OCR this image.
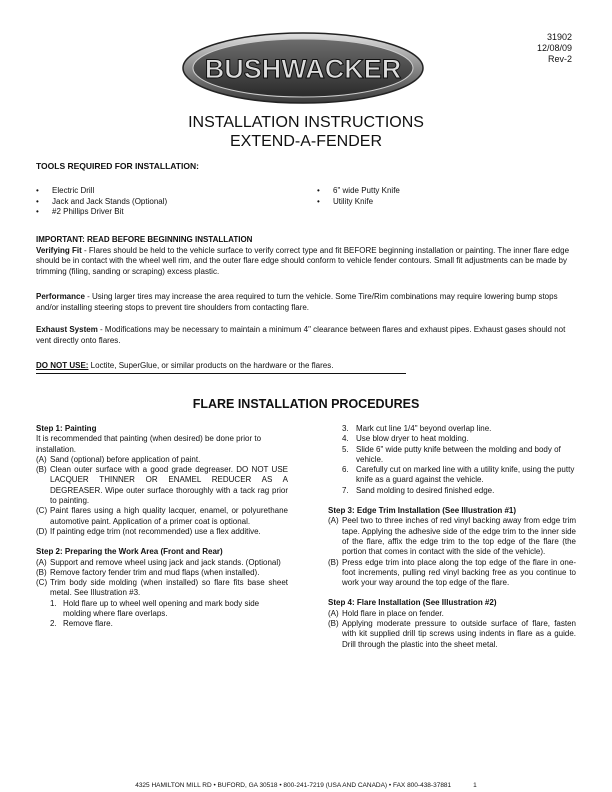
BUSHWACKER
31902
12/08/09
Rev-2
INSTALLATION INSTRUCTIONS
EXTEND-A-FENDER
TOOLS REQUIRED FOR INSTALLATION:
• Electric Drill
• Jack and Jack Stands (Optional)
• #2 Phillips Driver Bit
• 6" wide Putty Knife
• Utility Knife
IMPORTANT: READ BEFORE BEGINNING INSTALLATION
Verifying Fit - Flares should be held to the vehicle surface to verify correct type and fit BEFORE beginning installation or painting. The inner flare edge should be in contact with the wheel well rim, and the outer flare edge should conform to vehicle fender contours. Small fit adjustments can be made by trimming (filing, sanding or scraping) excess plastic.
Performance - Using larger tires may increase the area required to turn the vehicle. Some Tire/Rim combinations may require lowering bump stops and/or installing steering stops to prevent tire shoulders from contacting flare.
Exhaust System - Modifications may be necessary to maintain a minimum 4" clearance between flares and exhaust pipes. Exhaust gases should not vent directly onto flares.
DO NOT USE: Loctite, SuperGlue, or similar products on the hardware or the flares.
FLARE INSTALLATION PROCEDURES
Step 1: Painting
It is recommended that painting (when desired) be done prior to installation.
(A) Sand (optional) before application of paint.
(B) Clean outer surface with a good grade degreaser. DO NOT USE LACQUER THINNER OR ENAMEL REDUCER AS A DEGREASER. Wipe outer surface thoroughly with a tack rag prior to painting.
(C) Paint flares using a high quality lacquer, enamel, or polyurethane automotive paint. Application of a primer coat is optional.
(D) If painting edge trim (not recommended) use a flex additive.
Step 2: Preparing the Work Area (Front and Rear)
(A) Support and remove wheel using jack and jack stands. (Optional)
(B) Remove factory fender trim and mud flaps (when installed).
(C) Trim body side molding (when installed) so flare fits base sheet metal. See Illustration #3.
1. Hold flare up to wheel well opening and mark body side molding where flare overlaps.
2. Remove flare.
3. Mark cut line 1/4" beyond overlap line.
4. Use blow dryer to heat molding.
5. Slide 6" wide putty knife between the molding and body of vehicle.
6. Carefully cut on marked line with a utility knife, using the putty knife as a guard against the vehicle.
7. Sand molding to desired finished edge.
Step 3: Edge Trim Installation (See Illustration #1)
(A) Peel two to three inches of red vinyl backing away from edge trim tape. Applying the adhesive side of the edge trim to the inner side of the flare, affix the edge trim to the top edge of the flare (the portion that comes in contact with the side of the vehicle).
(B) Press edge trim into place along the top edge of the flare in one-foot increments, pulling red vinyl backing free as you continue to work your way around the top edge of the flare.
Step 4: Flare Installation (See Illustration #2)
(A) Hold flare in place on fender.
(B) Applying moderate pressure to outside surface of flare, fasten with kit supplied drill tip screws using indents in flare as a guide. Drill through the plastic into the sheet metal.
4325 HAMILTON MILL RD • BUFORD, GA 30518 • 800-241-7219 (USA AND CANADA) • FAX 800-438-37881	1
